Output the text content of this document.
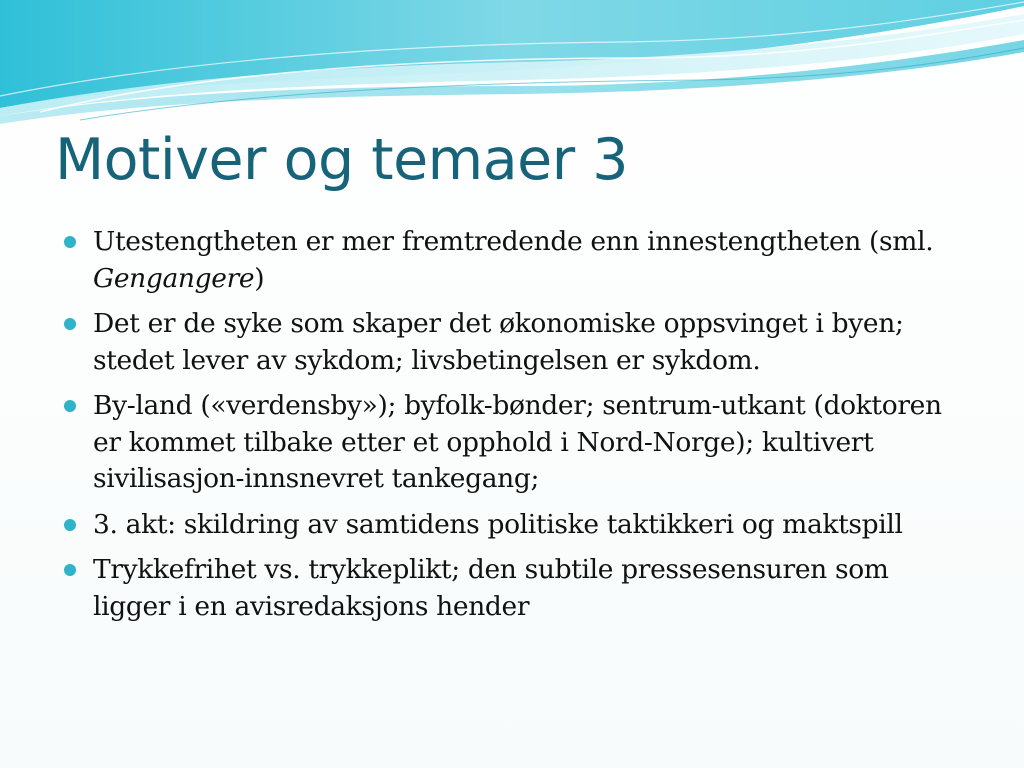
Motiver og temaer 3
Utestengtheten er mer fremtredende enn innestengtheten (sml. Gengangere)
Det er de syke som skaper det økonomiske oppsvinget i byen; stedet lever av sykdom; livsbetingelsen er sykdom.
By-land («verdensby»); byfolk-bønder; sentrum-utkant (doktoren er kommet tilbake etter et opphold i Nord-Norge); kultivert sivilisasjon-innsnevret tankegang;
3. akt: skildring av samtidens politiske taktikkeri og maktspill
Trykkefrihet vs. trykkeplikt; den subtile pressesensuren som ligger i en avisredaksjons hender
